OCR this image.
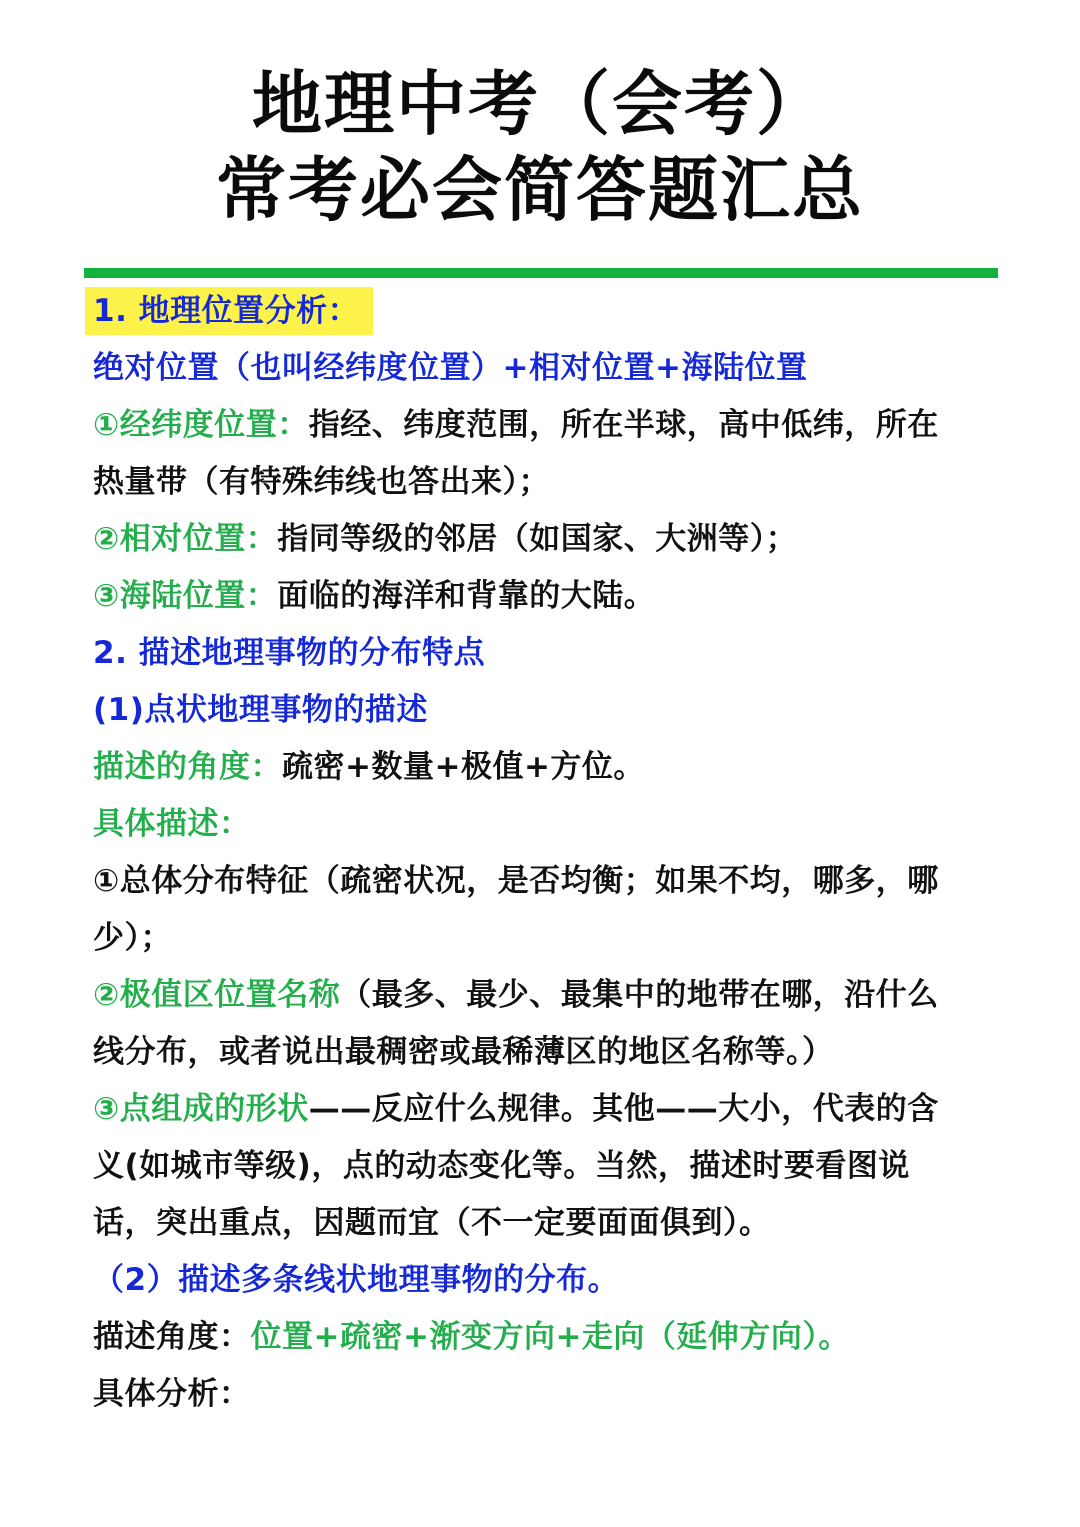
地理中考（会考）
常考必会简答题汇总
1. 地理位置分析：
绝对位置（也叫经纬度位置）+相对位置+海陆位置
①经纬度位置：指经、纬度范围，所在半球，高中低纬，所在
热量带（有特殊纬线也答出来）；
②相对位置：指同等级的邻居（如国家、大洲等）；
③海陆位置：面临的海洋和背靠的大陆。
2. 描述地理事物的分布特点
(1)点状地理事物的描述
描述的角度：疏密+数量+极值+方位。
具体描述：
①总体分布特征（疏密状况，是否均衡；如果不均，哪多，哪
少）；
②极值区位置名称（最多、最少、最集中的地带在哪，沿什么
线分布，或者说出最稠密或最稀薄区的地区名称等。）
③点组成的形状——反应什么规律。其他——大小，代表的含
义(如城市等级)，点的动态变化等。当然，描述时要看图说
话，突出重点，因题而宜（不一定要面面俱到）。
（2）描述多条线状地理事物的分布。
描述角度：位置+疏密+渐变方向+走向（延伸方向）。
具体分析：
